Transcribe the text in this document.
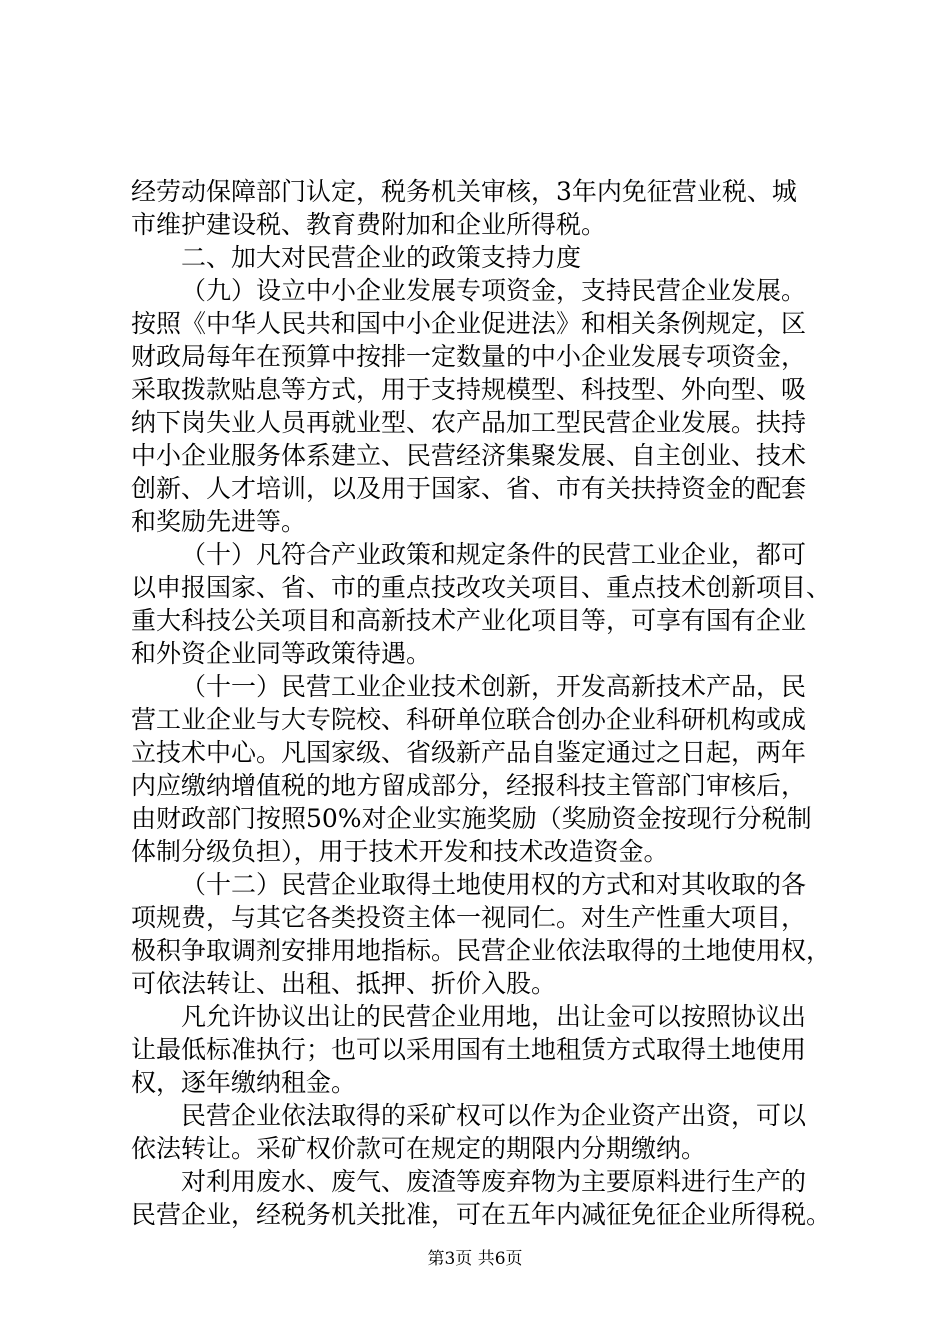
经劳动保障部门认定，税务机关审核，3年内免征营业税、城
市维护建设税、教育费附加和企业所得税。
二、加大对民营企业的政策支持力度
（九）设立中小企业发展专项资金，支持民营企业发展。
按照《中华人民共和国中小企业促进法》和相关条例规定，区
财政局每年在预算中按排一定数量的中小企业发展专项资金，
采取拨款贴息等方式，用于支持规模型、科技型、外向型、吸
纳下岗失业人员再就业型、农产品加工型民营企业发展。扶持
中小企业服务体系建立、民营经济集聚发展、自主创业、技术
创新、人才培训，以及用于国家、省、市有关扶持资金的配套
和奖励先进等。
（十）凡符合产业政策和规定条件的民营工业企业，都可
以申报国家、省、市的重点技改攻关项目、重点技术创新项目、
重大科技公关项目和高新技术产业化项目等，可享有国有企业
和外资企业同等政策待遇。
（十一）民营工业企业技术创新，开发高新技术产品，民
营工业企业与大专院校、科研单位联合创办企业科研机构或成
立技术中心。凡国家级、省级新产品自鉴定通过之日起，两年
内应缴纳增值税的地方留成部分，经报科技主管部门审核后，
由财政部门按照50%对企业实施奖励（奖励资金按现行分税制
体制分级负担），用于技术开发和技术改造资金。
（十二）民营企业取得土地使用权的方式和对其收取的各
项规费，与其它各类投资主体一视同仁。对生产性重大项目，
极积争取调剂安排用地指标。民营企业依法取得的土地使用权，
可依法转让、出租、抵押、折价入股。
凡允许协议出让的民营企业用地，出让金可以按照协议出
让最低标准执行；也可以采用国有土地租赁方式取得土地使用
权，逐年缴纳租金。
民营企业依法取得的采矿权可以作为企业资产出资，可以
依法转让。采矿权价款可在规定的期限内分期缴纳。
对利用废水、废气、废渣等废弃物为主要原料进行生产的
民营企业，经税务机关批准，可在五年内减征免征企业所得税。
第3页 共6页
